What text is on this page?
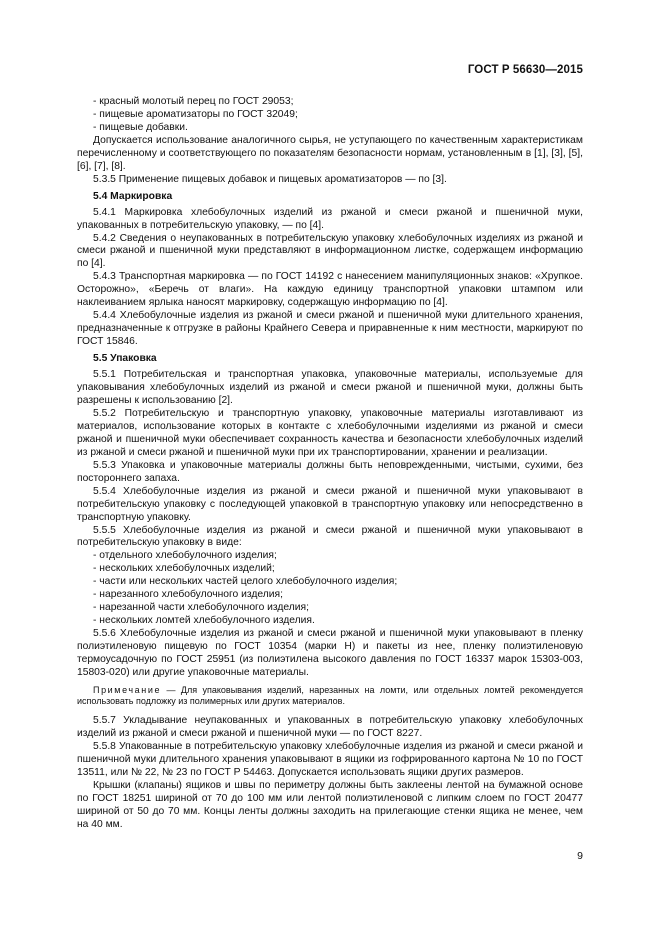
ГОСТ Р 56630—2015

- красный молотый перец по ГОСТ 29053;

- пищевые ароматизаторы по ГОСТ 32049;

- пищевые добавки.

Допускается использование аналогичного сырья, не уступающего по качественным характеристикам перечисленному и соответствующего по показателям безопасности нормам, установленным в [1], [3], [5], [6], [7], [8].

5.3.5 Применение пищевых добавок и пищевых ароматизаторов — по [3].

5.4 Маркировка

5.4.1 Маркировка хлебобулочных изделий из ржаной и смеси ржаной и пшеничной муки, упакованных в потребительскую упаковку, — по [4].

5.4.2 Сведения о неупакованных в потребительскую упаковку хлебобулочных изделиях из ржаной и смеси ржаной и пшеничной муки представляют в информационном листке, содержащем информацию по [4].

5.4.3 Транспортная маркировка — по ГОСТ 14192 с нанесением манипуляционных знаков: «Хрупкое. Осторожно», «Беречь от влаги». На каждую единицу транспортной упаковки штампом или наклеиванием ярлыка наносят маркировку, содержащую информацию по [4].

5.4.4 Хлебобулочные изделия из ржаной и смеси ржаной и пшеничной муки длительного хранения, предназначенные к отгрузке в районы Крайнего Севера и приравненные к ним местности, маркируют по ГОСТ 15846.

5.5 Упаковка

5.5.1 Потребительская и транспортная упаковка, упаковочные материалы, используемые для упаковывания хлебобулочных изделий из ржаной и смеси ржаной и пшеничной муки, должны быть разрешены к использованию [2].

5.5.2 Потребительскую и транспортную упаковку, упаковочные материалы изготавливают из материалов, использование которых в контакте с хлебобулочными изделиями из ржаной и смеси ржаной и пшеничной муки обеспечивает сохранность качества и безопасности хлебобулочных изделий из ржаной и смеси ржаной и пшеничной муки при их транспортировании, хранении и реализации.

5.5.3 Упаковка и упаковочные материалы должны быть неповрежденными, чистыми, сухими, без постороннего запаха.

5.5.4 Хлебобулочные изделия из ржаной и смеси ржаной и пшеничной муки упаковывают в потребительскую упаковку с последующей упаковкой в транспортную упаковку или непосредственно в транспортную упаковку.

5.5.5 Хлебобулочные изделия из ржаной и смеси ржаной и пшеничной муки упаковывают в потребительскую упаковку в виде:

- отдельного хлебобулочного изделия;

- нескольких хлебобулочных изделий;

- части или нескольких частей целого хлебобулочного изделия;

- нарезанного хлебобулочного изделия;

- нарезанной части хлебобулочного изделия;

- нескольких ломтей хлебобулочного изделия.

5.5.6 Хлебобулочные изделия из ржаной и смеси ржаной и пшеничной муки упаковывают в пленку полиэтиленовую пищевую по ГОСТ 10354 (марки Н) и пакеты из нее, пленку полиэтиленовую термоусадочную по ГОСТ 25951 (из полиэтилена высокого давления по ГОСТ 16337 марок 15303-003, 15803-020) или другие упаковочные материалы.

Примечание — Для упаковывания изделий, нарезанных на ломти, или отдельных ломтей рекомендуется использовать подложку из полимерных или других материалов.

5.5.7 Укладывание неупакованных и упакованных в потребительскую упаковку хлебобулочных изделий из ржаной и смеси ржаной и пшеничной муки — по ГОСТ 8227.

5.5.8 Упакованные в потребительскую упаковку хлебобулочные изделия из ржаной и смеси ржаной и пшеничной муки длительного хранения упаковывают в ящики из гофрированного картона № 10 по ГОСТ 13511, или № 22, № 23 по ГОСТ Р 54463. Допускается использовать ящики других размеров.

Крышки (клапаны) ящиков и швы по периметру должны быть заклеены лентой на бумажной основе по ГОСТ 18251 шириной от 70 до 100 мм или лентой полиэтиленовой с липким слоем по ГОСТ 20477 шириной от 50 до 70 мм. Концы ленты должны заходить на прилегающие стенки ящика не менее, чем на 40 мм.

9
